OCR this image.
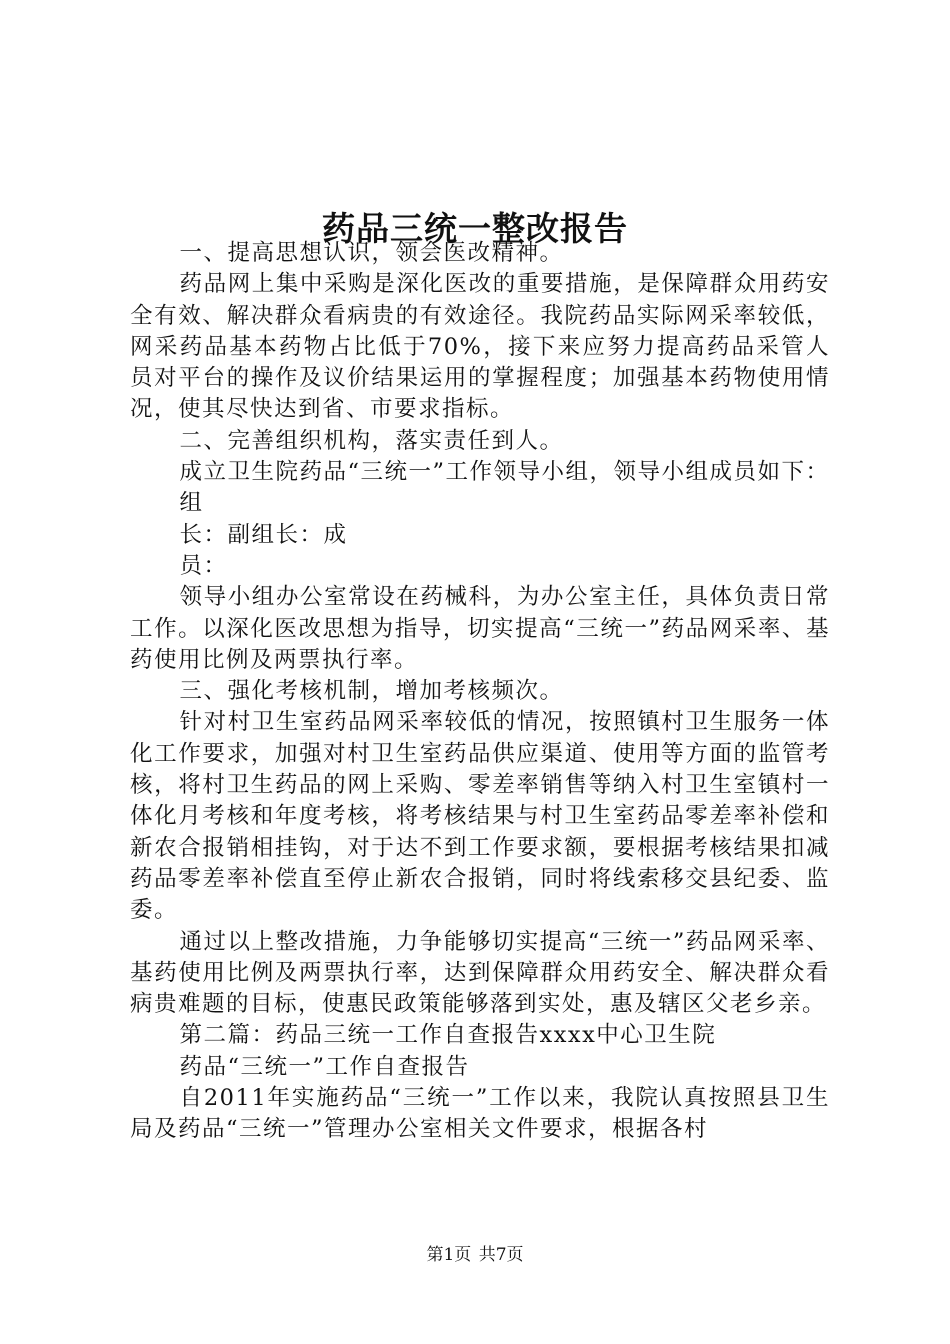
药品三统一整改报告

一、提高思想认识，领会医改精神。

药品网上集中采购是深化医改的重要措施，是保障群众用药安全有效、解决群众看病贵的有效途径。我院药品实际网采率较低，网采药品基本药物占比低于70%，接下来应努力提高药品采管人员对平台的操作及议价结果运用的掌握程度；加强基本药物使用情况，使其尽快达到省、市要求指标。

二、完善组织机构，落实责任到人。

成立卫生院药品“三统一”工作领导小组，领导小组成员如下：

组

长：副组长：成

员：

领导小组办公室常设在药械科，为办公室主任，具体负责日常工作。以深化医改思想为指导，切实提高“三统一”药品网采率、基药使用比例及两票执行率。

三、强化考核机制，增加考核频次。

针对村卫生室药品网采率较低的情况，按照镇村卫生服务一体化工作要求，加强对村卫生室药品供应渠道、使用等方面的监管考核，将村卫生药品的网上采购、零差率销售等纳入村卫生室镇村一体化月考核和年度考核，将考核结果与村卫生室药品零差率补偿和新农合报销相挂钩，对于达不到工作要求额，要根据考核结果扣减药品零差率补偿直至停止新农合报销，同时将线索移交县纪委、监委。

通过以上整改措施，力争能够切实提高“三统一”药品网采率、基药使用比例及两票执行率，达到保障群众用药安全、解决群众看病贵难题的目标，使惠民政策能够落到实处，惠及辖区父老乡亲。

第二篇：药品三统一工作自查报告xxxx中心卫生院

药品“三统一”工作自查报告

自2011年实施药品“三统一”工作以来，我院认真按照县卫生局及药品“三统一”管理办公室相关文件要求，根据各村

第1页 共7页
